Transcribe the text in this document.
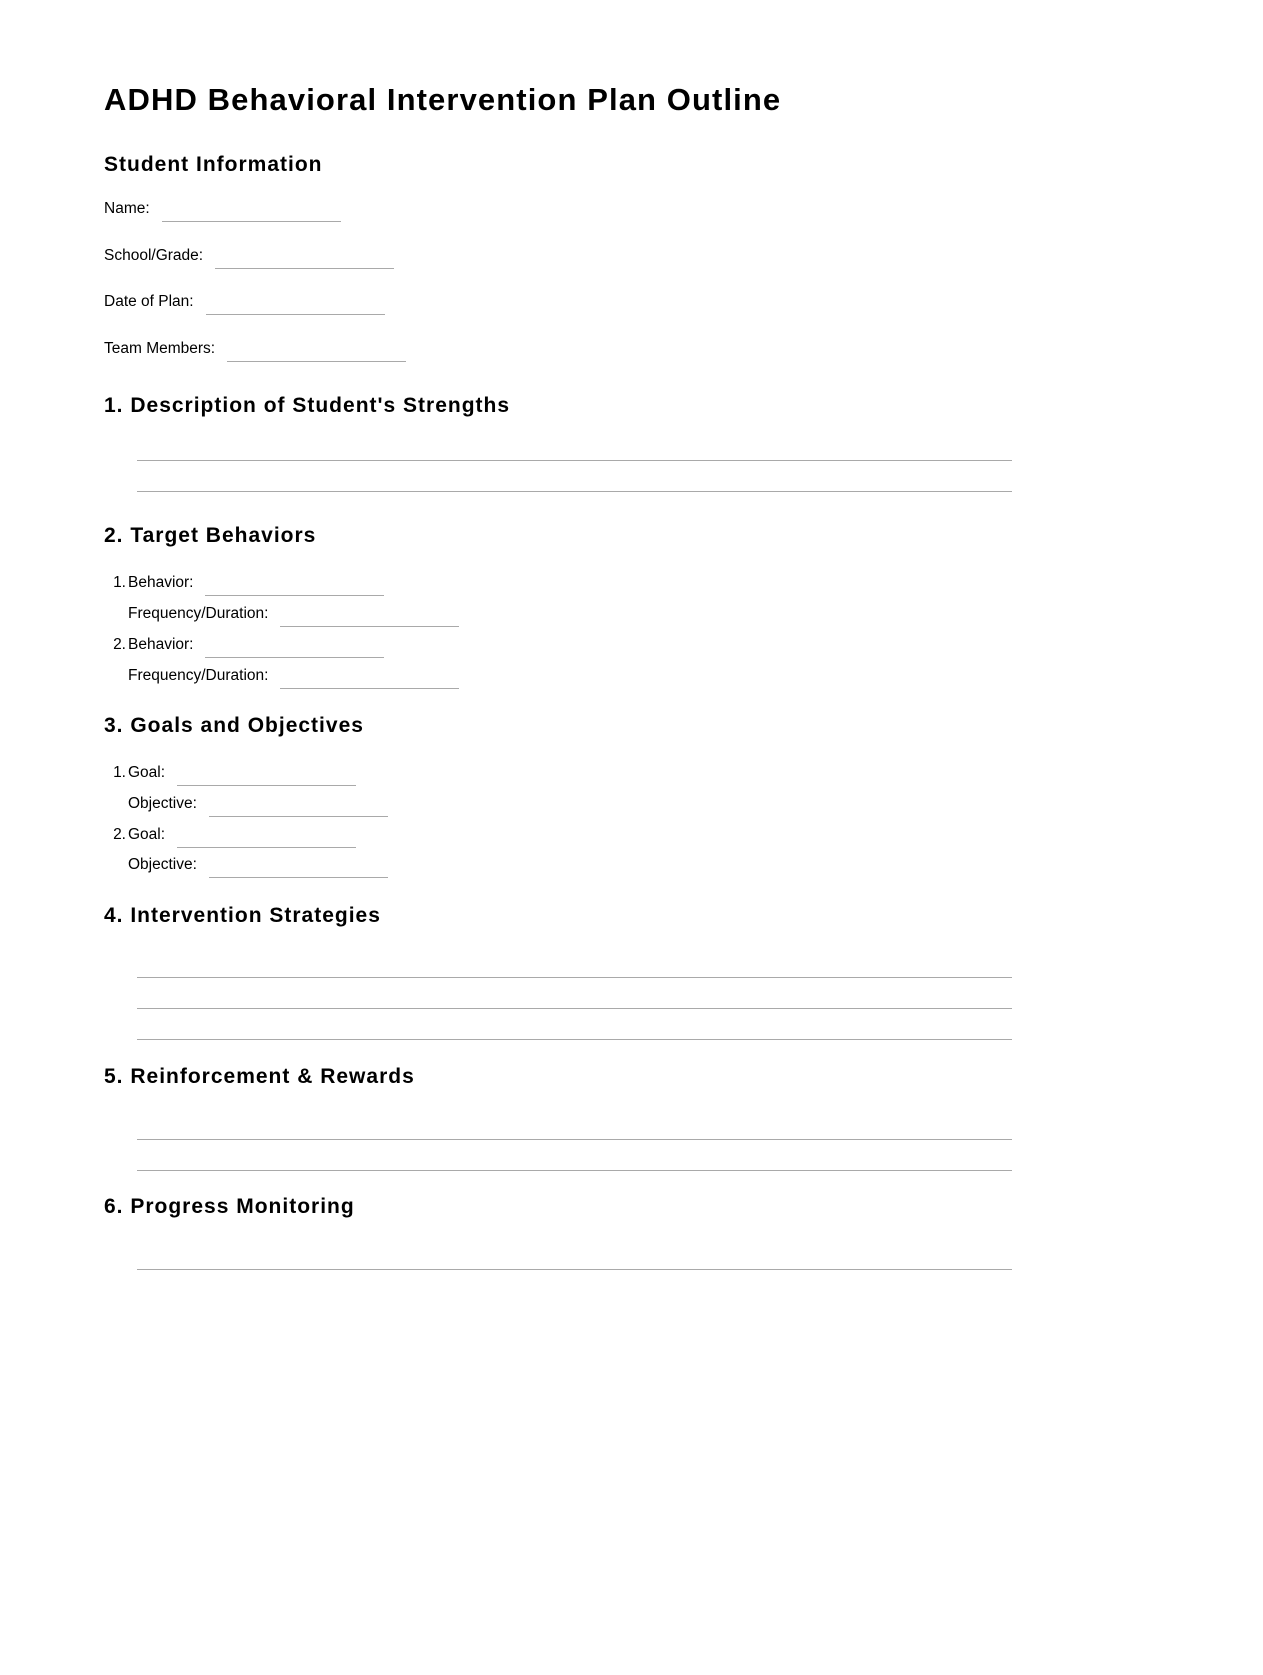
ADHD Behavioral Intervention Plan Outline
Student Information
Name:
School/Grade:
Date of Plan:
Team Members:
1. Description of Student's Strengths
2. Target Behaviors
1. Behavior:
Frequency/Duration:
2. Behavior:
Frequency/Duration:
3. Goals and Objectives
1. Goal:
Objective:
2. Goal:
Objective:
4. Intervention Strategies
5. Reinforcement & Rewards
6. Progress Monitoring
